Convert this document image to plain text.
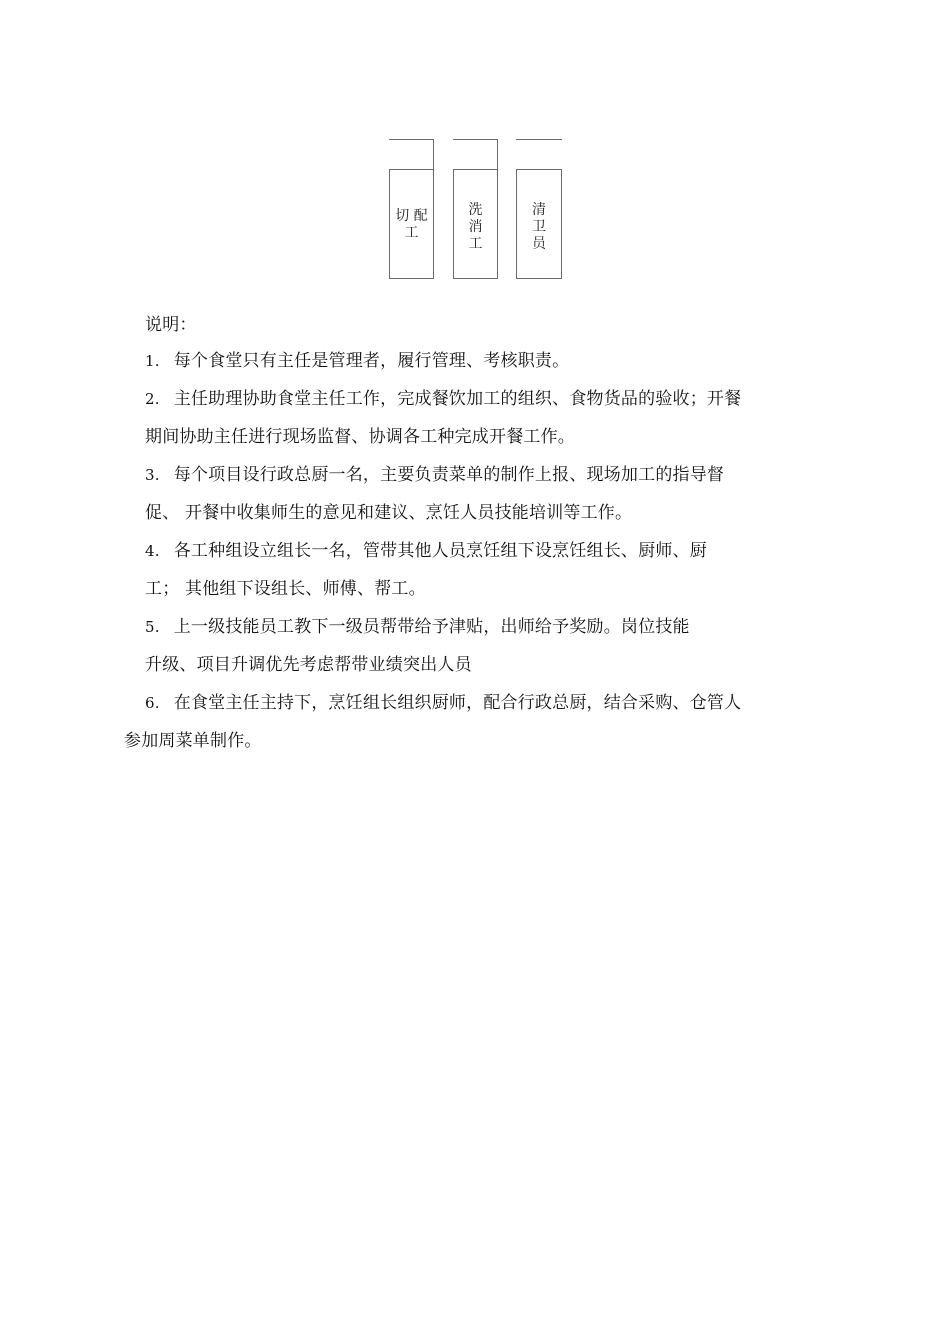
切 配
工
洗
消
工
清
卫
员
说明：
1. 每个食堂只有主任是管理者，履行管理、考核职责。
2. 主任助理协助食堂主任工作，完成餐饮加工的组织、食物货品的验收；开餐
期间协助主任进行现场监督、协调各工种完成开餐工作。
3. 每个项目设行政总厨一名，主要负责菜单的制作上报、现场加工的指导督
促、 开餐中收集师生的意见和建议、烹饪人员技能培训等工作。
4. 各工种组设立组长一名，管带其他人员烹饪组下设烹饪组长、厨师、厨
工； 其他组下设组长、师傅、帮工。
5. 上一级技能员工教下一级员帮带给予津贴，出师给予奖励。岗位技能
升级、项目升调优先考虑帮带业绩突出人员
6. 在食堂主任主持下，烹饪组长组织厨师，配合行政总厨，结合采购、仓管人
参加周菜单制作。
